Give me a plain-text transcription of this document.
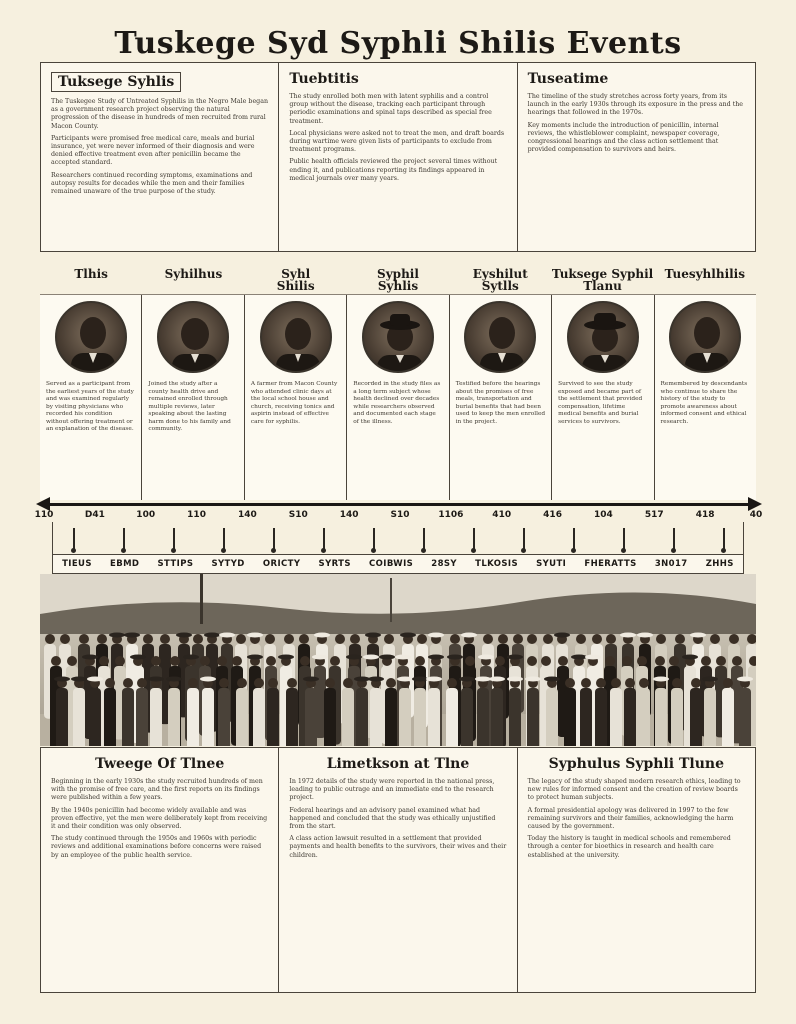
Tuskege Syd Syphli Shilis Events
Tuksege Syhlis

The Tuskegee Study of Untreated Syphilis in the Negro Male began as a government research project observing the natural progression of the disease in hundreds of men recruited from rural Macon County.

Participants were promised free medical care, meals and burial insurance, yet were never informed of their diagnosis and were denied effective treatment even after penicillin became the accepted standard.

Researchers continued recording symptoms, examinations and autopsy results for decades while the men and their families remained unaware of the true purpose of the study.

Tuebtitis

The study enrolled both men with latent syphilis and a control group without the disease, tracking each participant through periodic examinations and spinal taps described as special free treatment.

Local physicians were asked not to treat the men, and draft boards during wartime were given lists of participants to exclude from treatment programs.

Public health officials reviewed the project several times without ending it, and publications reporting its findings appeared in medical journals over many years.

Tuseatime

The timeline of the study stretches across forty years, from its launch in the early 1930s through its exposure in the press and the hearings that followed in the 1970s.

Key moments include the introduction of penicillin, internal reviews, the whistleblower complaint, newspaper coverage, congressional hearings and the class action settlement that provided compensation to survivors and heirs.

Tlhis	Syhilhus	Syhl
Shilis
Syphil
Syhlis
Eyshilut
Sytlls
Tuksege Syphil
Tlanu
Tuesyhlhilis
Served as a participant from the earliest years of the study and was examined regularly by visiting physicians who recorded his condition without offering treatment or an explanation of the disease.
Joined the study after a county health drive and remained enrolled through multiple reviews, later speaking about the lasting harm done to his family and community.
A farmer from Macon County who attended clinic days at the local school house and church, receiving tonics and aspirin instead of effective care for syphilis.
Recorded in the study files as a long term subject whose health declined over decades while researchers observed and documented each stage of the illness.
Testified before the hearings about the promises of free meals, transportation and burial benefits that had been used to keep the men enrolled in the project.
Survived to see the study exposed and became part of the settlement that provided compensation, lifetime medical benefits and burial services to survivors.
Remembered by descendants who continue to share the history of the study to promote awareness about informed consent and ethical research.
110	D41	100	110	140	S10	140	S10	1106	410	416	104	517	418	40
TIEUS EBMD STTIPS SYTYD ORICTY SYRTS COIBWIS 28SY TLKOSIS SYUTI FHERATTS 3N017 ZHHS
Tweege Of Tlnee

Beginning in the early 1930s the study recruited hundreds of men with the promise of free care, and the first reports on its findings were published within a few years.

By the 1940s penicillin had become widely available and was proven effective, yet the men were deliberately kept from receiving it and their condition was only observed.

The study continued through the 1950s and 1960s with periodic reviews and additional examinations before concerns were raised by an employee of the public health service.

Limetkson at Tlne

In 1972 details of the study were reported in the national press, leading to public outrage and an immediate end to the research project.

Federal hearings and an advisory panel examined what had happened and concluded that the study was ethically unjustified from the start.

A class action lawsuit resulted in a settlement that provided payments and health benefits to the survivors, their wives and their children.

Syphulus Syphli Tlune

The legacy of the study shaped modern research ethics, leading to new rules for informed consent and the creation of review boards to protect human subjects.

A formal presidential apology was delivered in 1997 to the few remaining survivors and their families, acknowledging the harm caused by the government.

Today the history is taught in medical schools and remembered through a center for bioethics in research and health care established at the university.
